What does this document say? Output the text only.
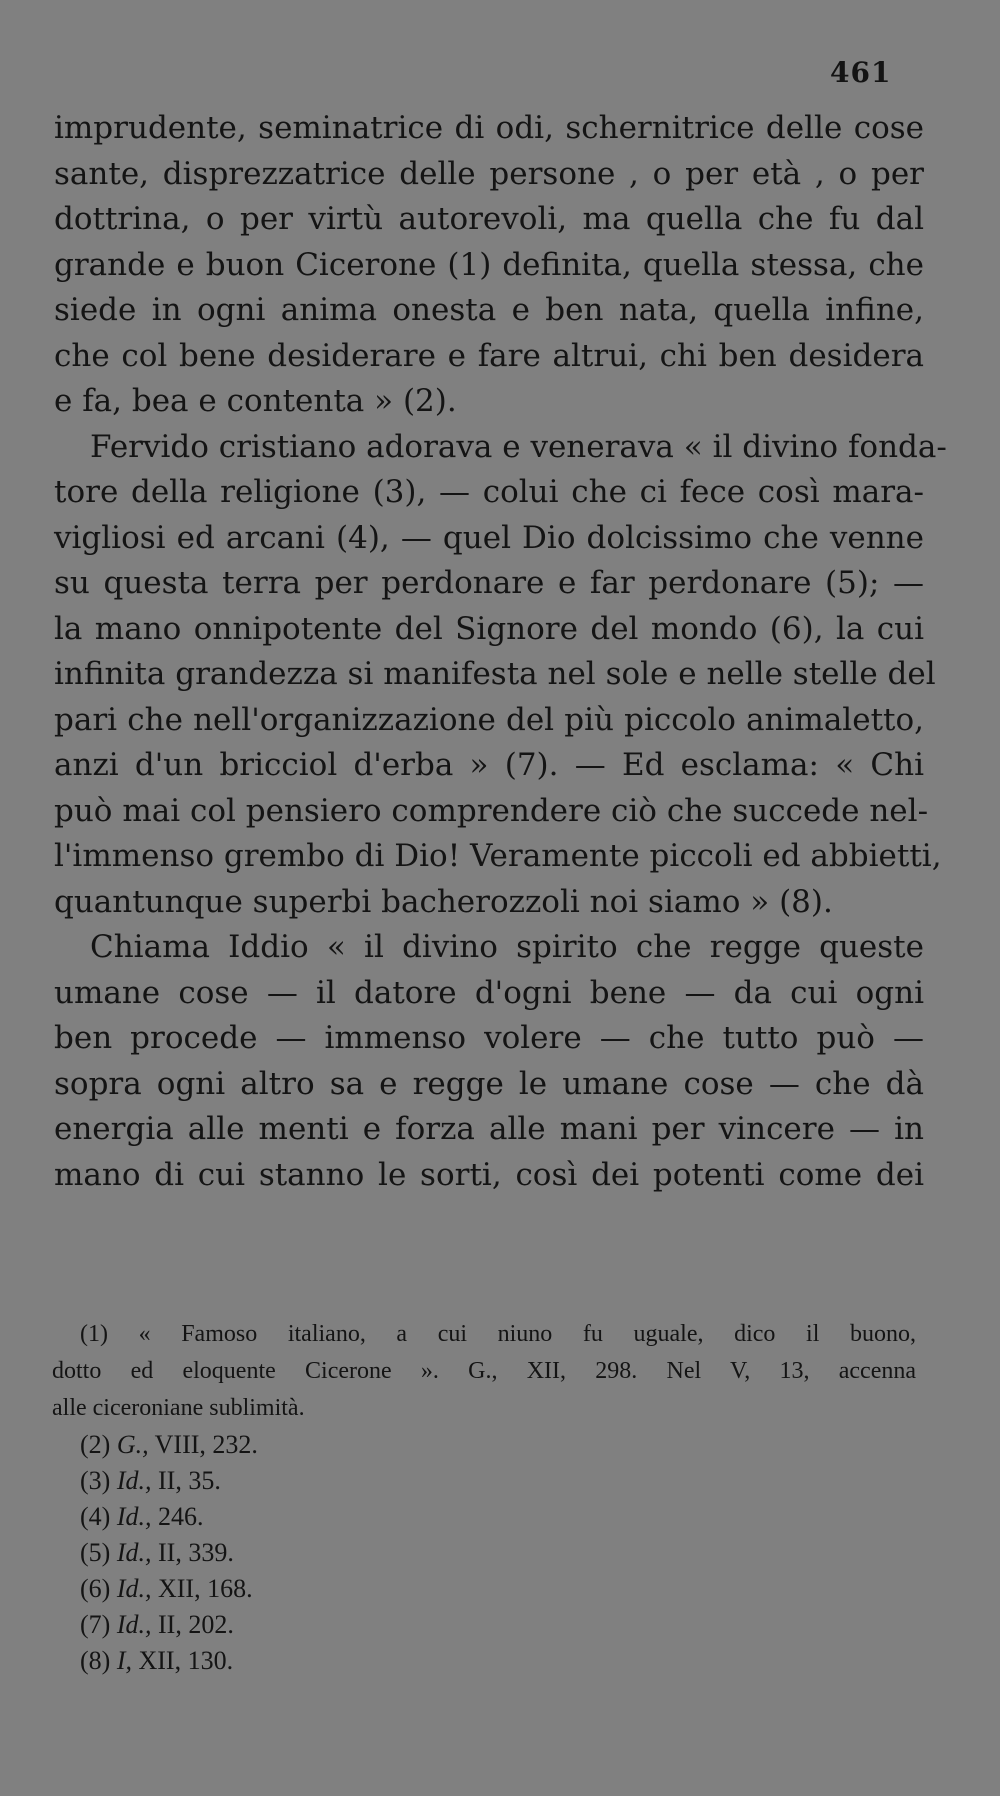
461
imprudente, seminatrice di odi, schernitrice delle cose
sante, disprezzatrice delle persone , o per età , o per
dottrina, o per virtù autorevoli, ma quella che fu dal
grande e buon Cicerone (1) definita, quella stessa, che
siede in ogni anima onesta e ben nata, quella infine,
che col bene desiderare e fare altrui, chi ben desidera
e fa, bea e contenta » (2).
Fervido cristiano adorava e venerava « il divino fonda-
tore della religione (3), — colui che ci fece così mara-
vigliosi ed arcani (4), — quel Dio dolcissimo che venne
su questa terra per perdonare e far perdonare (5); —
la mano onnipotente del Signore del mondo (6), la cui
infinita grandezza si manifesta nel sole e nelle stelle del
pari che nell'organizzazione del più piccolo animaletto,
anzi d'un bricciol d'erba » (7). — Ed esclama: « Chi
può mai col pensiero comprendere ciò che succede nel-
l'immenso grembo di Dio! Veramente piccoli ed abbietti,
quantunque superbi bacherozzoli noi siamo » (8).
Chiama Iddio « il divino spirito che regge queste
umane cose — il datore d'ogni bene — da cui ogni
ben procede — immenso volere — che tutto può —
sopra ogni altro sa e regge le umane cose — che dà
energia alle menti e forza alle mani per vincere — in
mano di cui stanno le sorti, così dei potenti come dei
(1) « Famoso italiano, a cui niuno fu uguale, dico il buono,
dotto ed eloquente Cicerone ». G., XII, 298. Nel V, 13, accenna
alle ciceroniane sublimità.
(2) G., VIII, 232.
(3) Id., II, 35.
(4) Id., 246.
(5) Id., II, 339.
(6) Id., XII, 168.
(7) Id., II, 202.
(8) I, XII, 130.
